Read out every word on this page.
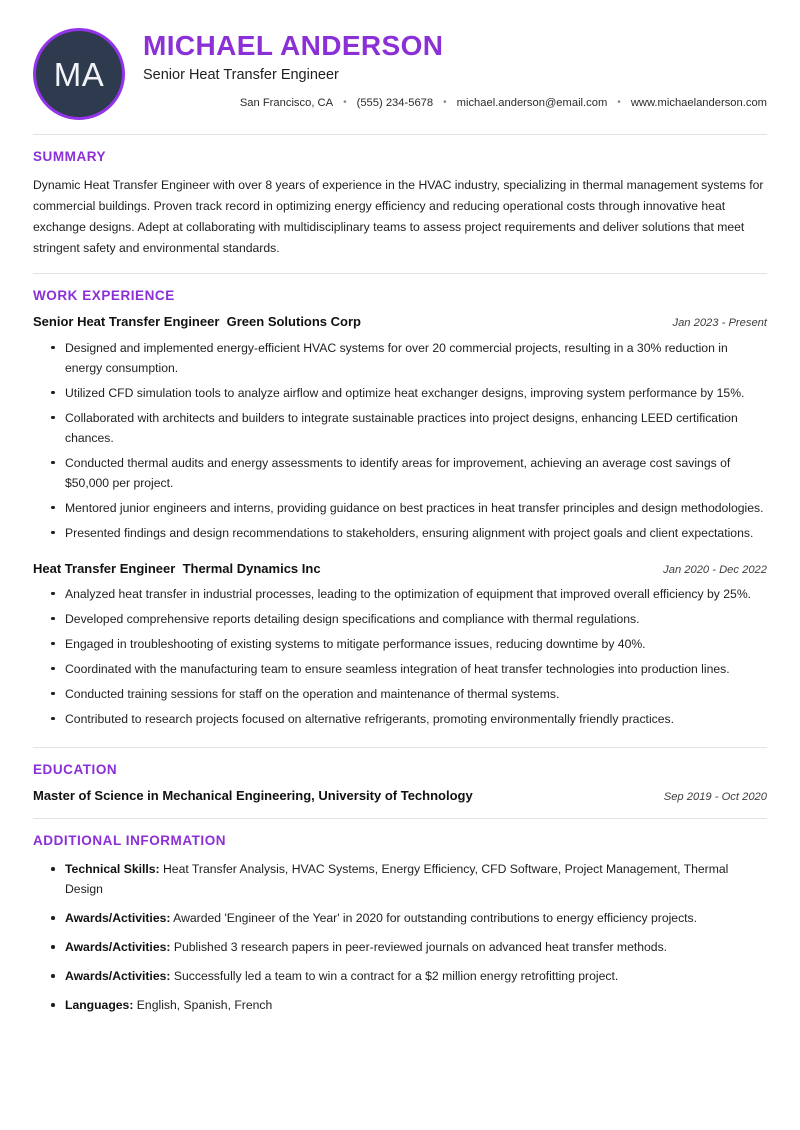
MA
MICHAEL ANDERSON
Senior Heat Transfer Engineer
San Francisco, CA	• (555) 234-5678	• michael.anderson@email.com	• www.michaelanderson.com
SUMMARY

Dynamic Heat Transfer Engineer with over 8 years of experience in the HVAC industry, specializing in thermal management systems for commercial buildings. Proven track record in optimizing energy efficiency and reducing operational costs through innovative heat exchange designs. Adept at collaborating with multidisciplinary teams to assess project requirements and deliver solutions that meet stringent safety and environmental standards.

WORK EXPERIENCE
Senior Heat Transfer Engineer Green Solutions Corp	Jan 2023 - Present
Designed and implemented energy-efficient HVAC systems for over 20 commercial projects, resulting in a 30% reduction in energy consumption.
Utilized CFD simulation tools to analyze airflow and optimize heat exchanger designs, improving system performance by 15%.
Collaborated with architects and builders to integrate sustainable practices into project designs, enhancing LEED certification chances.
Conducted thermal audits and energy assessments to identify areas for improvement, achieving an average cost savings of $50,000 per project.
Mentored junior engineers and interns, providing guidance on best practices in heat transfer principles and design methodologies.
Presented findings and design recommendations to stakeholders, ensuring alignment with project goals and client expectations.
Heat Transfer Engineer Thermal Dynamics Inc	Jan 2020 - Dec 2022
Analyzed heat transfer in industrial processes, leading to the optimization of equipment that improved overall efficiency by 25%.
Developed comprehensive reports detailing design specifications and compliance with thermal regulations.
Engaged in troubleshooting of existing systems to mitigate performance issues, reducing downtime by 40%.
Coordinated with the manufacturing team to ensure seamless integration of heat transfer technologies into production lines.
Conducted training sessions for staff on the operation and maintenance of thermal systems.
Contributed to research projects focused on alternative refrigerants, promoting environmentally friendly practices.
EDUCATION
Master of Science in Mechanical Engineering, University of Technology	Sep 2019 - Oct 2020
ADDITIONAL INFORMATION
Technical Skills: Heat Transfer Analysis, HVAC Systems, Energy Efficiency, CFD Software, Project Management, Thermal Design
Awards/Activities: Awarded 'Engineer of the Year' in 2020 for outstanding contributions to energy efficiency projects.
Awards/Activities: Published 3 research papers in peer-reviewed journals on advanced heat transfer methods.
Awards/Activities: Successfully led a team to win a contract for a $2 million energy retrofitting project.
Languages: English, Spanish, French
